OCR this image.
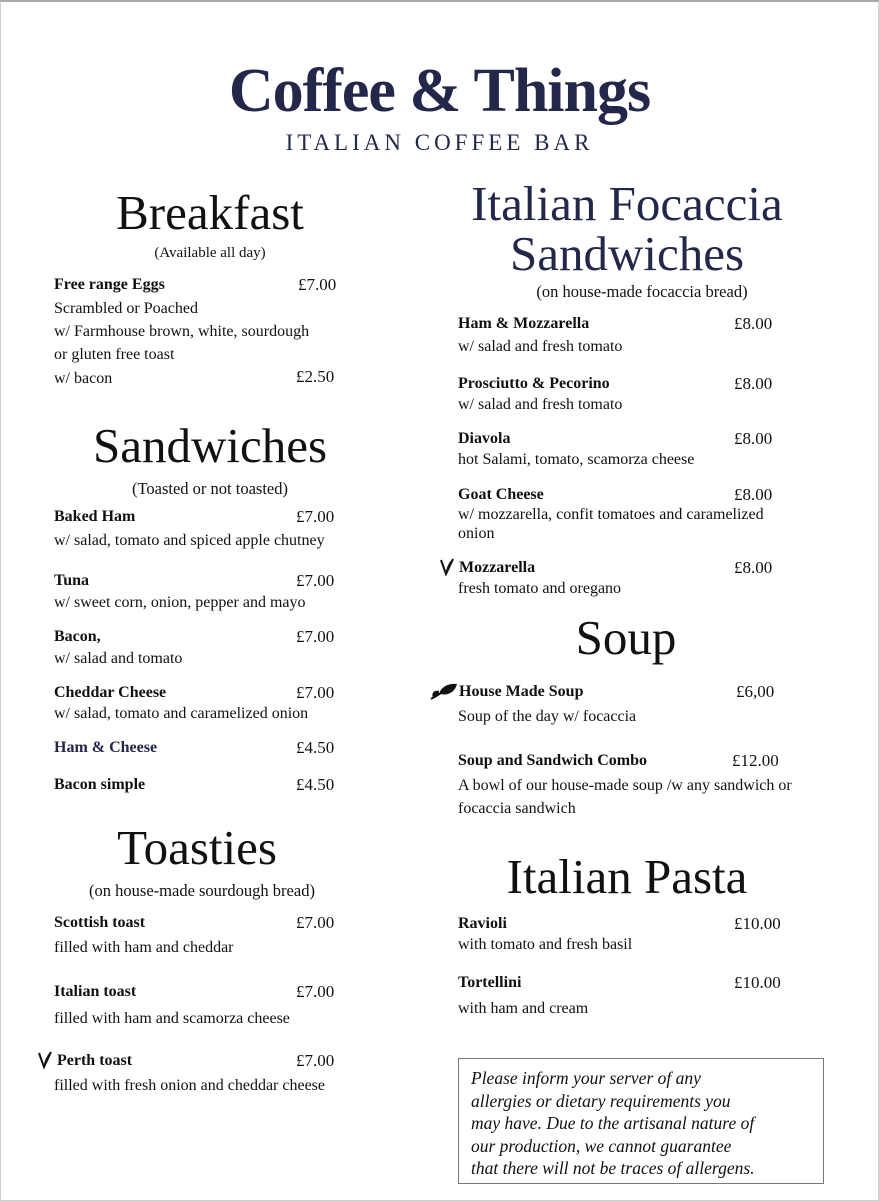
Coffee & Things
ITALIAN COFFEE BAR
Breakfast
(Available all day)
Free range Eggs	£7.00
Scrambled or Poached
w/ Farmhouse brown, white, sourdough
or gluten free toast
w/ bacon	£2.50
Sandwiches
(Toasted or not toasted)
Baked Ham	£7.00
w/ salad, tomato and spiced apple chutney
Tuna	£7.00
w/ sweet corn, onion, pepper and mayo
Bacon,	£7.00
w/ salad and tomato
Cheddar Cheese	£7.00
w/ salad, tomato and caramelized onion
Ham & Cheese	£4.50
Bacon simple	£4.50
Toasties
(on house-made sourdough bread)
Scottish toast	£7.00
filled with ham and cheddar
Italian toast	£7.00
filled with ham and scamorza cheese
Perth toast	£7.00
filled with fresh onion and cheddar cheese
Italian Focaccia
Sandwiches
(on house-made focaccia bread)
Ham & Mozzarella	£8.00
w/ salad and fresh tomato
Prosciutto & Pecorino	£8.00
w/ salad and fresh tomato
Diavola	£8.00
hot Salami, tomato, scamorza cheese
Goat Cheese	£8.00
w/ mozzarella, confit tomatoes and caramelized
onion
Mozzarella	£8.00
fresh tomato and oregano
Soup
House Made Soup	£6,00
Soup of the day w/ focaccia
Soup and Sandwich Combo	£12.00
A bowl of our house-made soup /w any sandwich or
focaccia sandwich
Italian Pasta
Ravioli	£10.00
with tomato and fresh basil
Tortellini	£10.00
with ham and cream
Please inform your server of any
allergies or dietary requirements you
may have. Due to the artisanal nature of
our production, we cannot guarantee
that there will not be traces of allergens.
